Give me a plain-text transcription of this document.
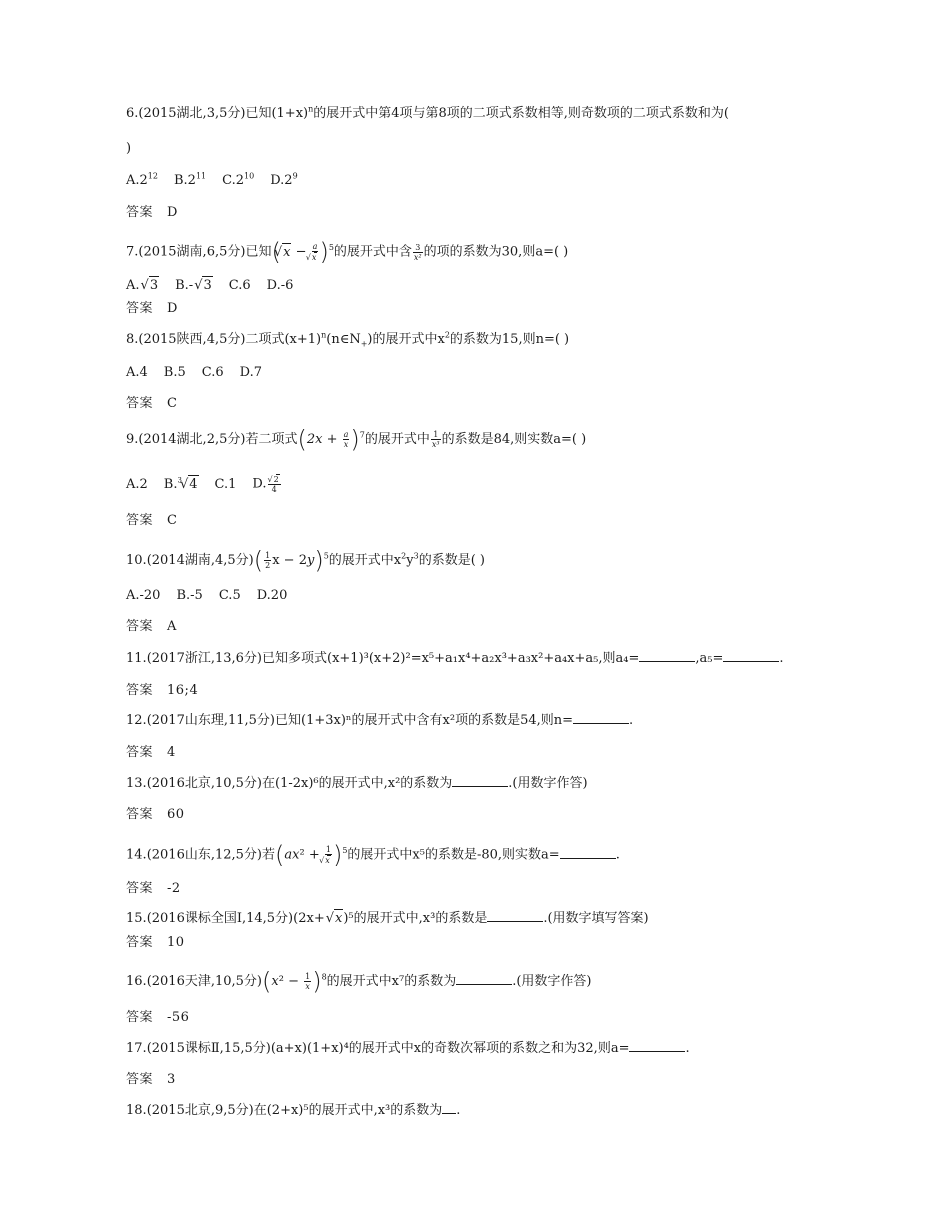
6.(2015湖北,3,5分)已知$(1+x)^n$的展开式中第4项与第8项的二项式系数相等,则奇数项的二项式系数和为(
)
$A.2^{12}$ $B.2^{11}$ $C.2^{10}$ $D.2^9$
答案 D
7.(2015湖南,6,5分)已知( √ x − a
√ x )$^5$的展开式中含 $\frac{3}{\text{x²}}$ 的项的系数为30,则a=( )
A. √ 3 B.- √ 3 C.6 D.-6
答案 D
8.(2015陕西,4,5分)二项式$(x+1)^n(n\in N_+)$的展开式中$x^2$的系数为15,则n=( )
A.4 B.5 C.6 D.7
答案 C
9.(2014湖北,2,5分)若二项式$(2x + \frac{a}{x} )^7$的展开式中 $\frac{1}{\text{x³}}$ 的系数是84,则实数a=( )
A.2 B.$^3$ √ 4 C.1 D. √ $\frac{2}{4}$
答案 C
10.(2014湖南,4,5分)( $\frac{1}{2}$ x − 2y)$^5$的展开式中$x^2y^3$的系数是( )
A.-20 B.-5 C.5 D.20
答案 A
11.(2017浙江,13,6分)已知多项式(x+1)³(x+2)²=x⁵+a₁x⁴+a₂x³+a₃x²+a₄x+a₅,则a₄=	,a₅=	.
答案 16;4
12.(2017山东理,11,5分)已知(1+3x)ⁿ的展开式中含有x²项的系数是54,则n=	.
答案 4
13.(2016北京,10,5分)在(1-2x)⁶的展开式中,x²的系数为	.(用数字作答)
答案 60
14.(2016山东,12,5分)若(ax² + 1
√ x )$^5$的展开式中x⁵的系数是-80,则实数a=	.
答案 -2
15.(2016课标全国Ⅰ,14,5分)(2x+ √ x)⁵的展开式中,x³的系数是	.(用数字填写答案)
答案 10
16.(2016天津,10,5分)$(x^2 - \frac{1}{x} )^8$的展开式中x⁷的系数为	.(用数字作答)
答案 -56
17.(2015课标Ⅱ,15,5分)(a+x)(1+x)⁴的展开式中x的奇数次幂项的系数之和为32,则a=	.
答案 3
18.(2015北京,9,5分)在(2+x)⁵的展开式中,x³的系数为 .
